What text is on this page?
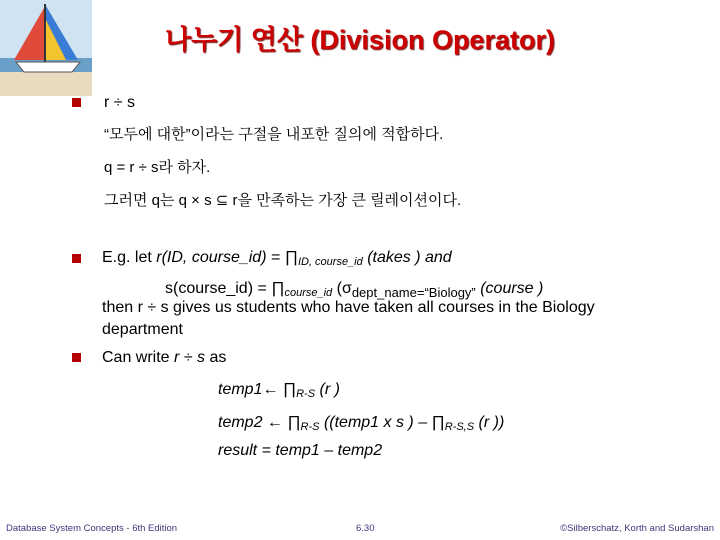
나누기 연산 (Division Operator)
r ÷ s
“모두에 대한”이라는 구절을 내포한 질의에 적합하다.
q = r ÷ s라 하자.
그러면 q는 q × s ⊆ r을 만족하는 가장 큰 릴레이션이다.
E.g. let r(ID, course_id) = $\prod_{ID, course\_id}$ (takes ) and
s(course_id) = $\prod_{course\_id}$ ($\sigma_{dept\_name=“Biology”}$ (course )
then r ÷ s gives us students who have taken all courses in the Biology
department
Can write r ÷ s as
temp1← $\prod_{R-S}$ (r )
temp2 ← $\prod_{R-S}$ ((temp1 x s ) – $\prod_{R-S,S}$ (r ))
result = temp1 – temp2
Database System Concepts - 6th Edition	6.30	©Silberschatz, Korth and Sudarshan
